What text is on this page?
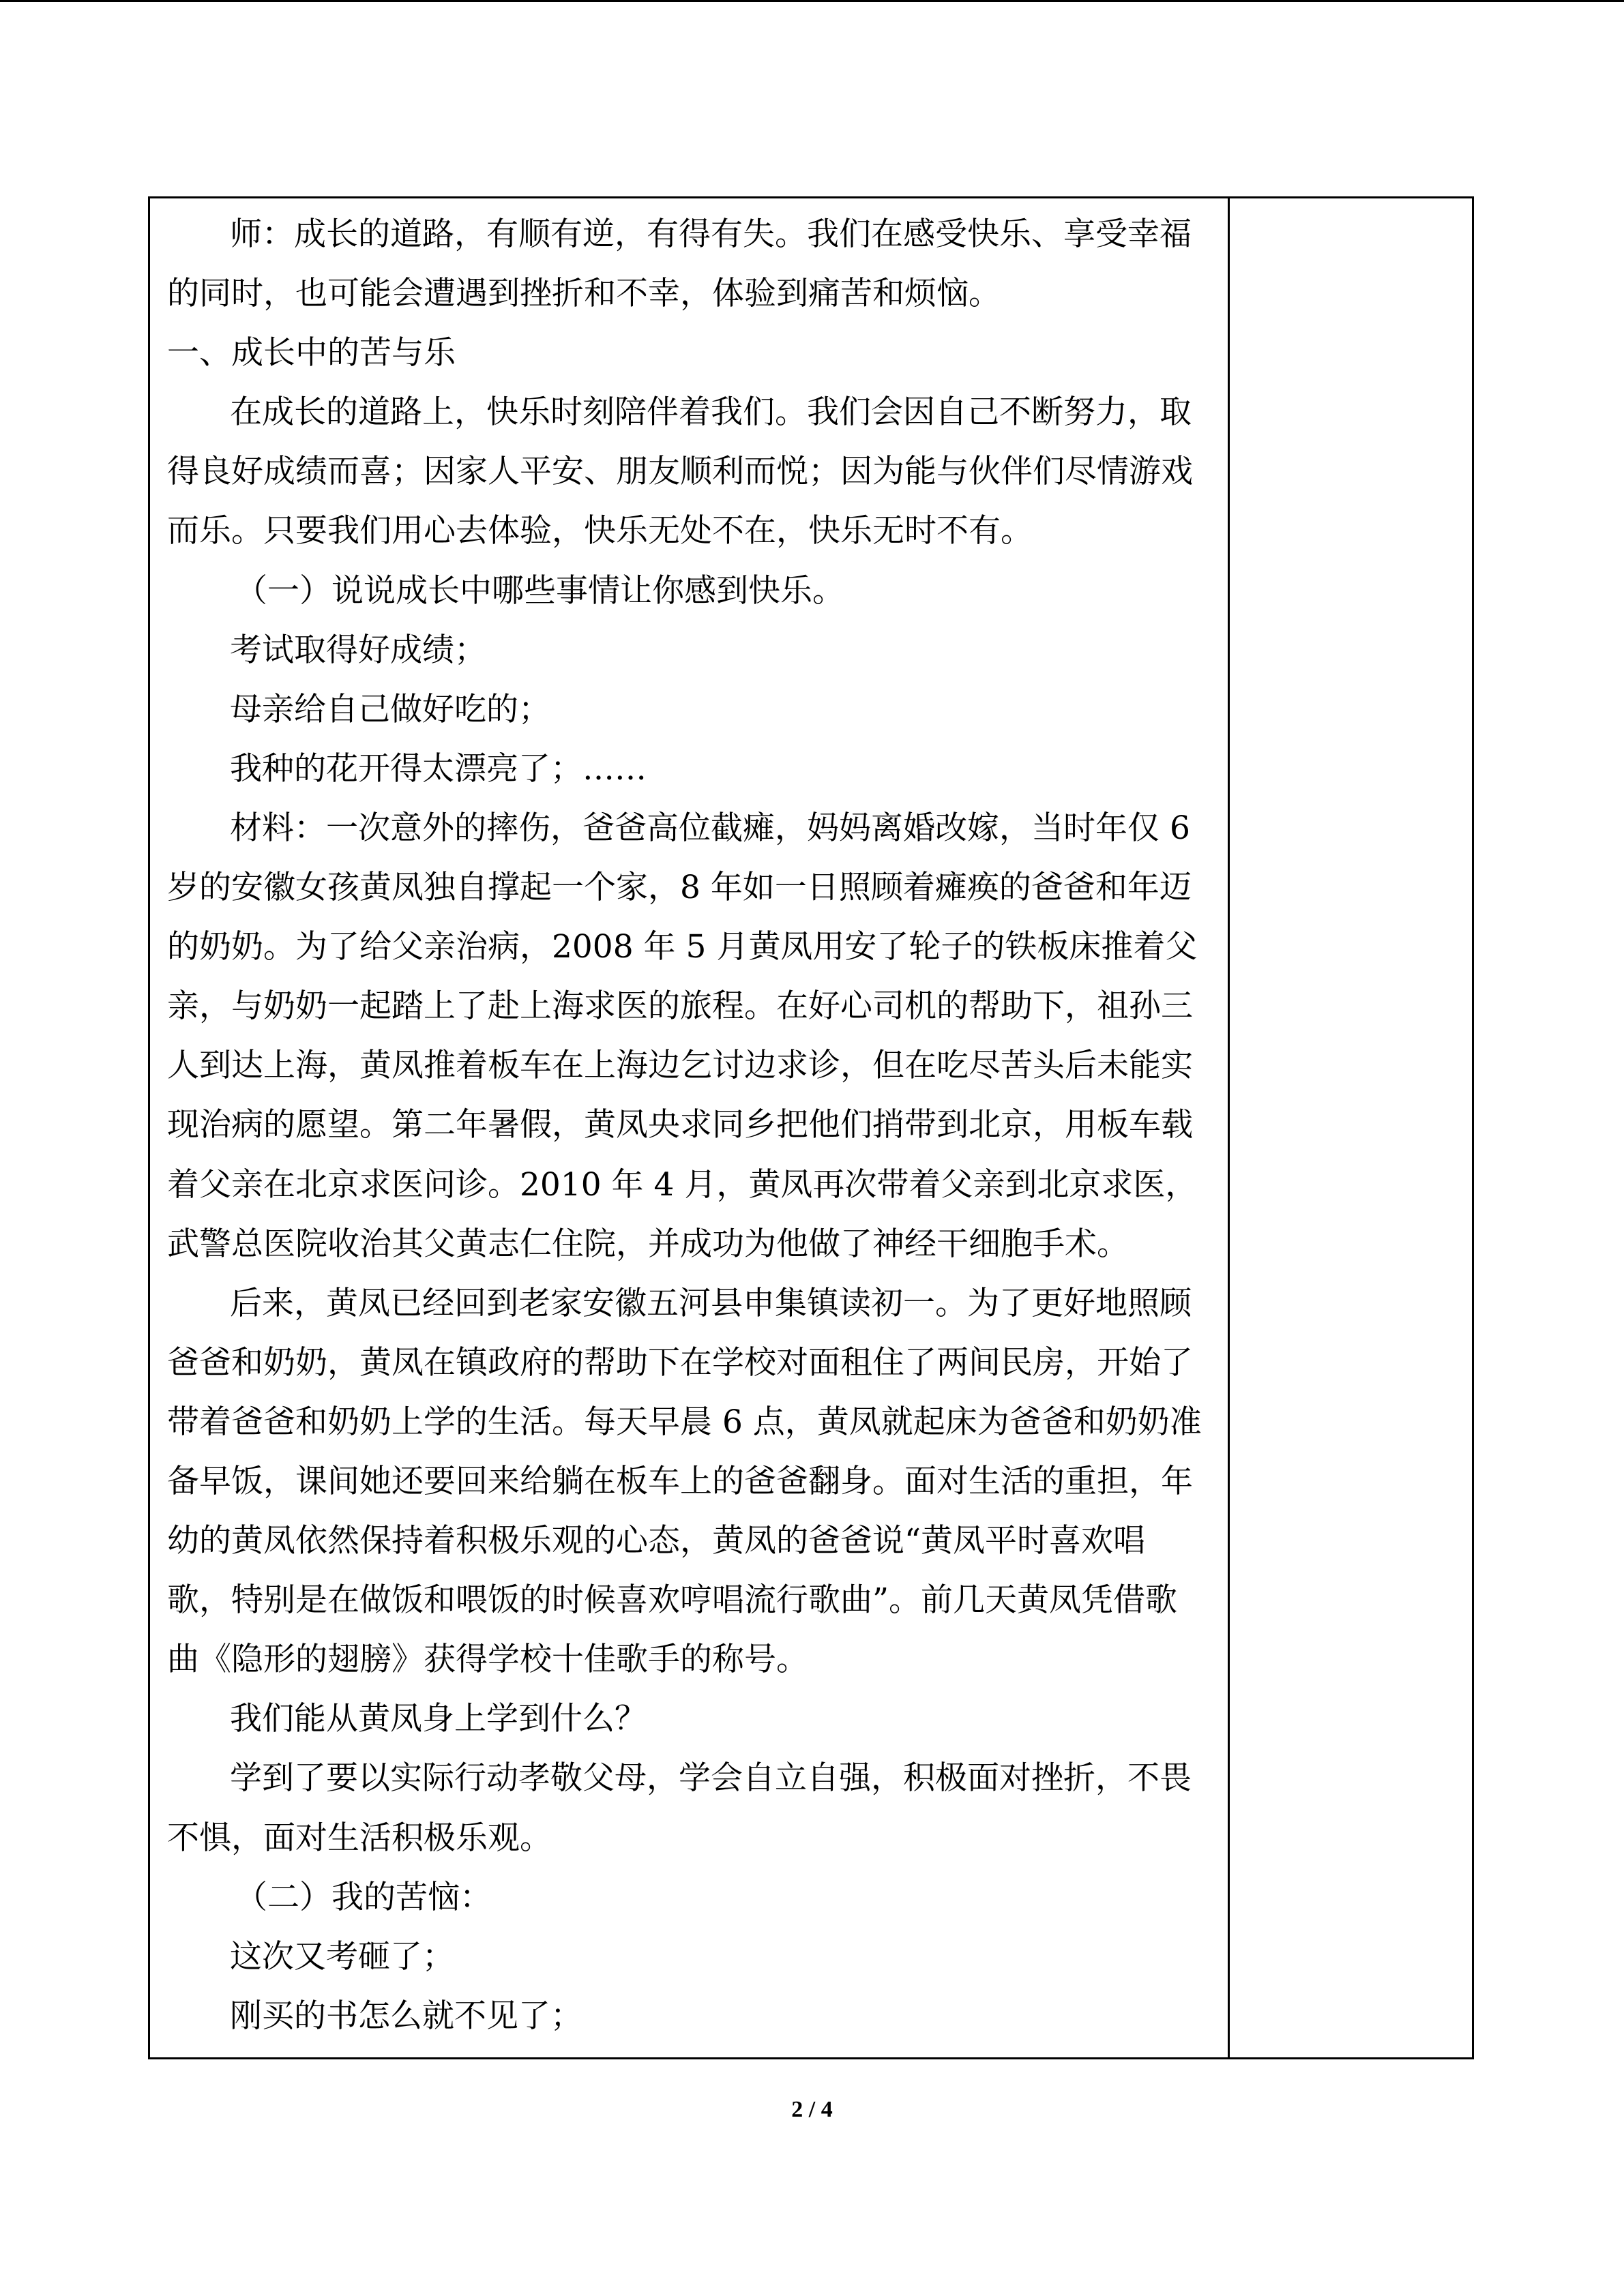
师：成长的道路，有顺有逆，有得有失。我们在感受快乐、享受幸福
的同时，也可能会遭遇到挫折和不幸，体验到痛苦和烦恼。
一、成长中的苦与乐
在成长的道路上，快乐时刻陪伴着我们。我们会因自己不断努力，取
得良好成绩而喜；因家人平安、朋友顺利而悦；因为能与伙伴们尽情游戏
而乐。只要我们用心去体验，快乐无处不在，快乐无时不有。
（一）说说成长中哪些事情让你感到快乐。
考试取得好成绩；
母亲给自己做好吃的；
我种的花开得太漂亮了；……
材料：一次意外的摔伤，爸爸高位截瘫，妈妈离婚改嫁，当时年仅 6
岁的安徽女孩黄凤独自撑起一个家，8 年如一日照顾着瘫痪的爸爸和年迈
的奶奶。为了给父亲治病，2008 年 5 月黄凤用安了轮子的铁板床推着父
亲，与奶奶一起踏上了赴上海求医的旅程。在好心司机的帮助下，祖孙三
人到达上海，黄凤推着板车在上海边乞讨边求诊，但在吃尽苦头后未能实
现治病的愿望。第二年暑假，黄凤央求同乡把他们捎带到北京，用板车载
着父亲在北京求医问诊。2010 年 4 月，黄凤再次带着父亲到北京求医，
武警总医院收治其父黄志仁住院，并成功为他做了神经干细胞手术。
后来，黄凤已经回到老家安徽五河县申集镇读初一。为了更好地照顾
爸爸和奶奶，黄凤在镇政府的帮助下在学校对面租住了两间民房，开始了
带着爸爸和奶奶上学的生活。每天早晨 6 点，黄凤就起床为爸爸和奶奶准
备早饭，课间她还要回来给躺在板车上的爸爸翻身。面对生活的重担，年
幼的黄凤依然保持着积极乐观的心态，黄凤的爸爸说“黄凤平时喜欢唱
歌，特别是在做饭和喂饭的时候喜欢哼唱流行歌曲”。前几天黄凤凭借歌
曲《隐形的翅膀》获得学校十佳歌手的称号。
我们能从黄凤身上学到什么？
学到了要以实际行动孝敬父母，学会自立自强，积极面对挫折，不畏
不惧，面对生活积极乐观。
（二）我的苦恼：
这次又考砸了；
刚买的书怎么就不见了；
2 / 4
